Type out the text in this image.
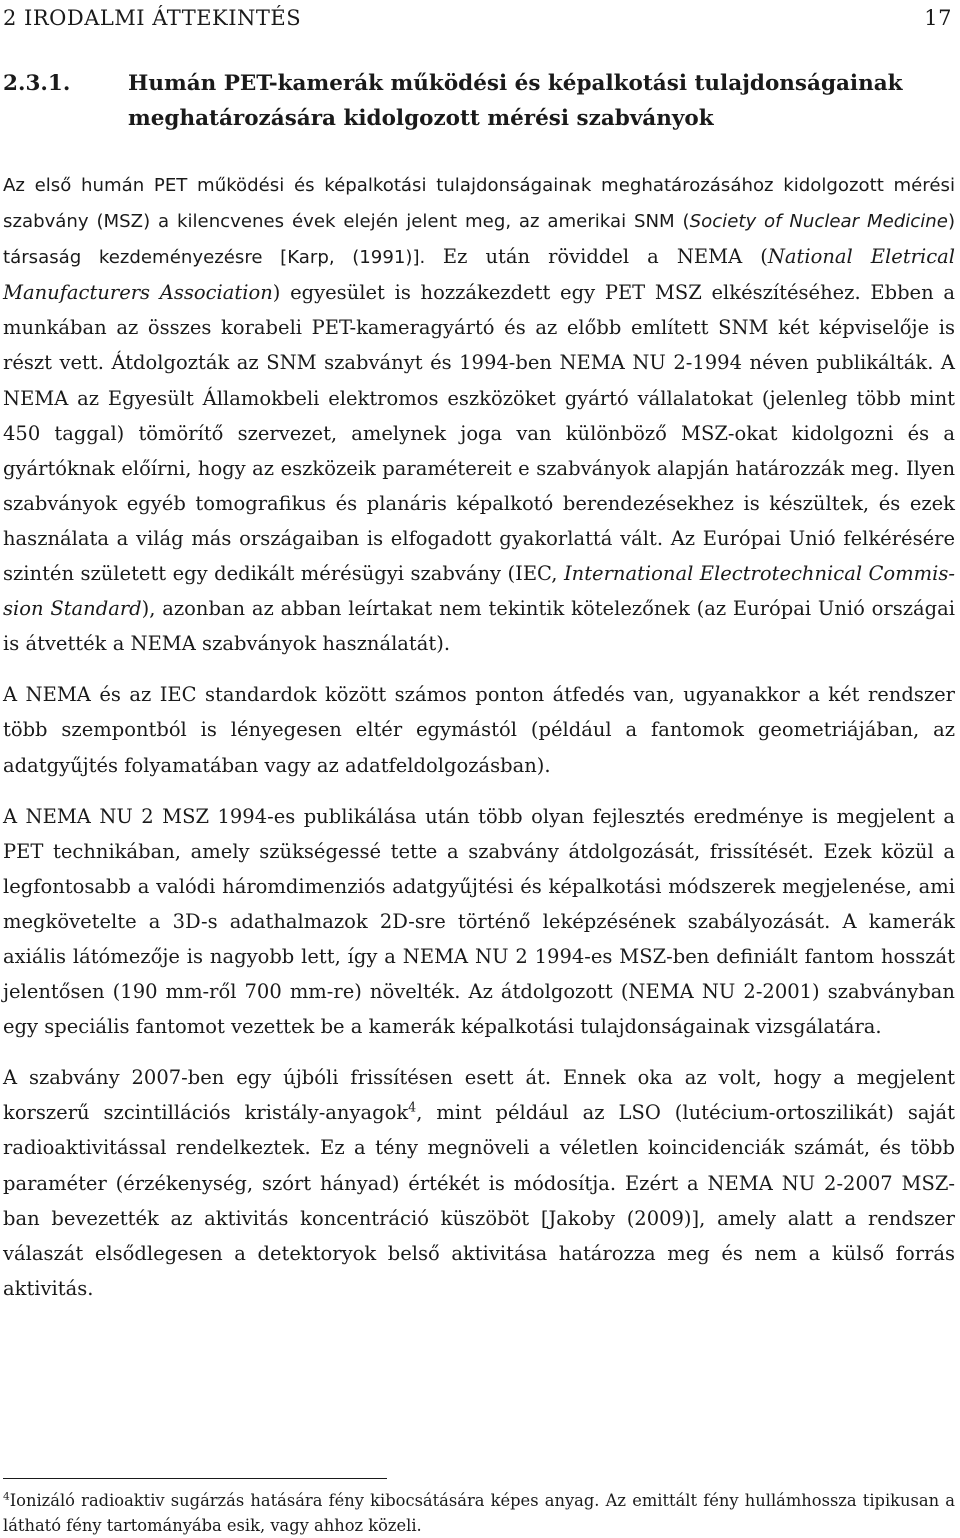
2 IRODALMI ÁTTEKINTÉS	17
2.3.1.	Humán PET-kamerák működési és képalkotási tulajdonságainak meghatározására kidolgozott mérési szabványok

Az első humán PET működési és képalkotási tulajdonságainak meghatározásához kidolgozott mérési szabvány (MSZ) a kilencvenes évek elején jelent meg, az amerikai SNM (Society of Nuclear Medicine) társaság kezdeményezésre [Karp, (1991)]. Ez után röviddel a NEMA (National Eletrical Manufacturers Association) egyesület is hozzákezdett egy PET MSZ elkészítéséhez. Ebben a munkában az összes korabeli PET-kameragyártó és az előbb említett SNM két képviselője is részt vett. Átdolgozták az SNM szabványt és 1994-ben NEMA NU 2-1994 néven publikálták. A NEMA az Egyesült Államokbeli elektromos eszközöket gyártó vállalatokat (jelenleg több mint 450 taggal) tömörítő szervezet, amelynek joga van különböző MSZ-okat kidolgozni és a gyártóknak előírni, hogy az eszközeik paramétereit e szabványok alapján határozzák meg. Ilyen szabványok egyéb tomografikus és planáris képalkotó berendezésekhez is készültek, és ezek használata a világ más országaiban is elfogadott gyakorlattá vált. Az Európai Unió felkérésére szintén született egy dedikált mérésügyi szabvány (IEC, International Electrotechnical Commission Standard), azonban az abban leírtakat nem tekintik kötelezőnek (az Európai Unió országai is átvették a NEMA szabványok használatát).

A NEMA és az IEC standardok között számos ponton átfedés van, ugyanakkor a két rendszer több szempontból is lényegesen eltér egymástól (például a fantomok geometriájában, az adatgyűjtés folyamatában vagy az adatfeldolgozásban).

A NEMA NU 2 MSZ 1994-es publikálása után több olyan fejlesztés eredménye is megjelent a PET technikában, amely szükségessé tette a szabvány átdolgozását, frissítését. Ezek közül a legfontosabb a valódi háromdimenziós adatgyűjtési és képalkotási módszerek megjelenése, ami megkövetelte a 3D-s adathalmazok 2D-sre történő leképzésének szabályozását. A kamerák axiális látómezője is nagyobb lett, így a NEMA NU 2 1994-es MSZ-ben definiált fantom hosszát jelentősen (190 mm-ről 700 mm-re) növelték. Az átdolgozott (NEMA NU 2-2001) szabványban egy speciális fantomot vezettek be a kamerák képalkotási tulajdonságainak vizsgálatára.

A szabvány 2007-ben egy újbóli frissítésen esett át. Ennek oka az volt, hogy a megjelent korszerű szcintillációs kristály-anyagok$^4$, mint például az LSO (lutécium-ortoszilikát) saját radioaktivitással rendelkeztek. Ez a tény megnöveli a véletlen koincidenciák számát, és több paraméter (érzékenység, szórt hányad) értékét is módosítja. Ezért a NEMA NU 2-2007 MSZ-ban bevezették az aktivitás koncentráció küszöböt [Jakoby (2009)], amely alatt a rendszer válaszát elsődlegesen a detektoryok belső aktivitása határozza meg és nem a külső forrás aktivitás.

$^4$Ionizáló radioaktiv sugárzás hatására fény kibocsátására képes anyag. Az emittált fény hullámhossza tipikusan a látható fény tartományába esik, vagy ahhoz közeli.
